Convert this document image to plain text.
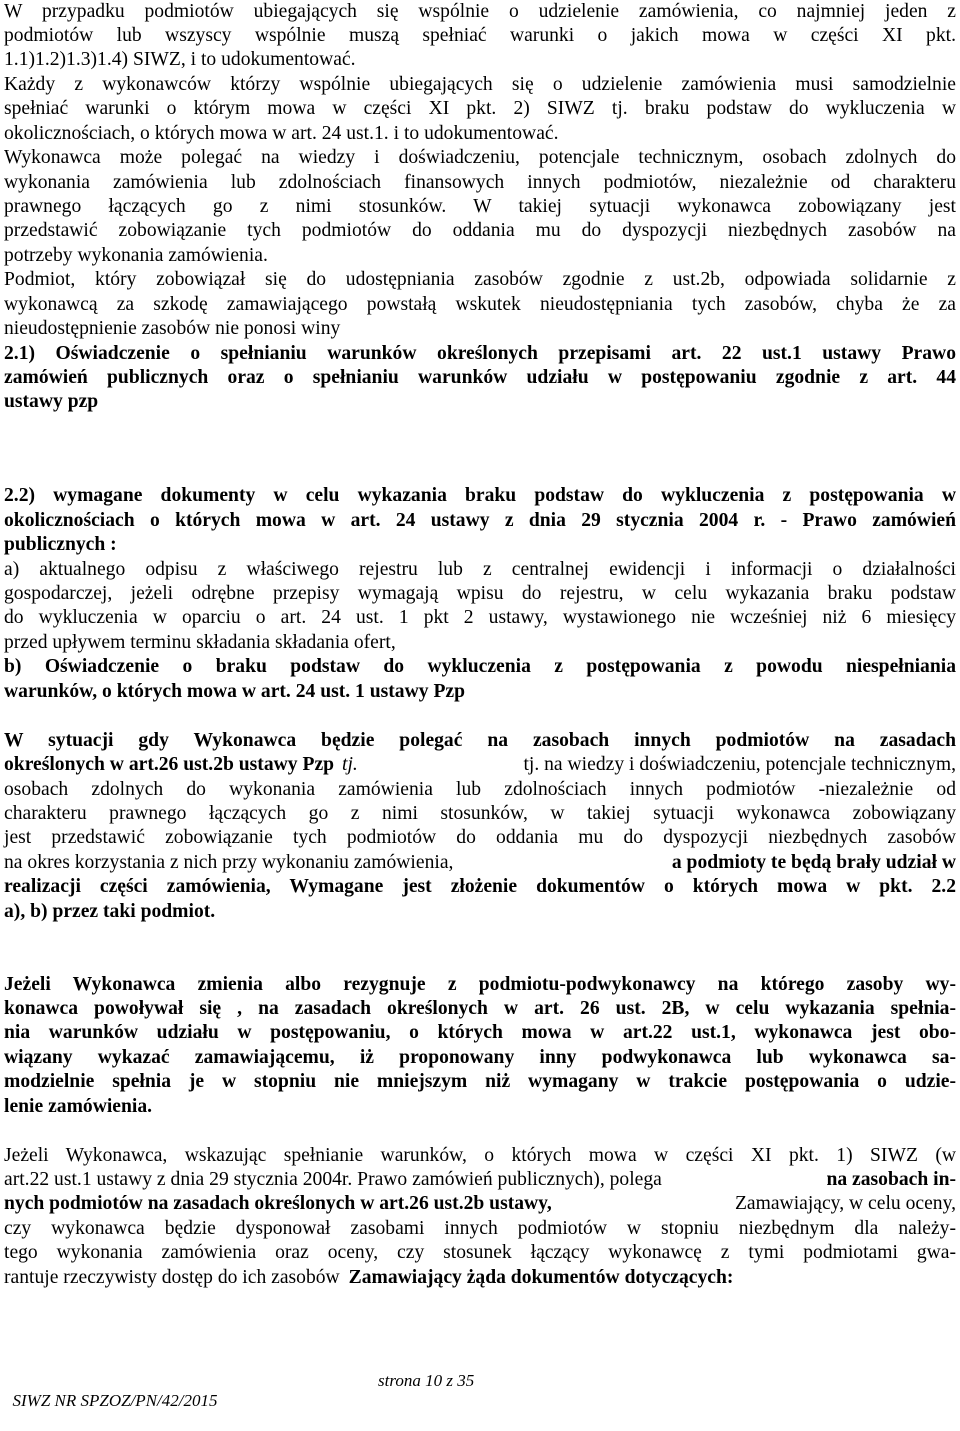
W przypadku podmiotów ubiegających się wspólnie o udzielenie zamówienia, co najmniej jeden z
podmiotów lub wszyscy wspólnie muszą spełniać warunki o jakich mowa w części XI pkt.
1.1)1.2)1.3)1.4) SIWZ, i to udokumentować.
Każdy z wykonawców którzy wspólnie ubiegających się o udzielenie zamówienia musi samodzielnie
spełniać warunki o którym mowa w części XI pkt. 2) SIWZ tj. braku podstaw do wykluczenia w
okolicznościach, o których mowa w art. 24 ust.1. i to udokumentować.
Wykonawca może polegać na wiedzy i doświadczeniu, potencjale technicznym, osobach zdolnych do
wykonania zamówienia lub zdolnościach finansowych innych podmiotów, niezależnie od charakteru
prawnego łączących go z nimi stosunków. W takiej sytuacji wykonawca zobowiązany jest
przedstawić zobowiązanie tych podmiotów do oddania mu do dyspozycji niezbędnych zasobów na
potrzeby wykonania zamówienia.
Podmiot, który zobowiązał się do udostępniania zasobów zgodnie z ust.2b, odpowiada solidarnie z
wykonawcą za szkodę zamawiającego powstałą wskutek nieudostępniania tych zasobów, chyba że za
nieudostępnienie zasobów nie ponosi winy
2.1) Oświadczenie o spełnianiu warunków określonych przepisami art. 22 ust.1 ustawy Prawo
zamówień publicznych oraz o spełnianiu warunków udziału w postępowaniu zgodnie z art. 44
ustawy pzp
2.2) wymagane dokumenty w celu wykazania braku podstaw do wykluczenia z postępowania w
okolicznościach o których mowa w art. 24 ustawy z dnia 29 stycznia 2004 r. - Prawo zamówień
publicznych :
a) aktualnego odpisu z właściwego rejestru lub z centralnej ewidencji i informacji o działalności
gospodarczej, jeżeli odrębne przepisy wymagają wpisu do rejestru, w celu wykazania braku podstaw
do wykluczenia w oparciu o art. 24 ust. 1 pkt 2 ustawy, wystawionego nie wcześniej niż 6 miesięcy
przed upływem terminu składania składania ofert,
b) Oświadczenie o braku podstaw do wykluczenia z postępowania z powodu niespełniania
warunków, o których mowa w art. 24 ust. 1 ustawy Pzp
W sytuacji gdy Wykonawca będzie polegać na zasobach innych podmiotów na zasadach
określonych w art.26 ust.2b ustawy Pzp tj.	tj. na wiedzy i doświadczeniu, potencjale technicznym,
osobach zdolnych do wykonania zamówienia lub zdolnościach innych podmiotów -niezależnie od
charakteru prawnego łączących go z nimi stosunków, w takiej sytuacji wykonawca zobowiązany
jest przedstawić zobowiązanie tych podmiotów do oddania mu do dyspozycji niezbędnych zasobów
na okres korzystania z nich przy wykonaniu zamówienia,	a podmioty te będą brały udział w
realizacji części zamówienia, Wymagane jest złożenie dokumentów o których mowa w pkt. 2.2
a), b) przez taki podmiot.
Jeżeli Wykonawca zmienia albo rezygnuje z podmiotu-podwykonawcy na którego zasoby wy-
konawca powoływał się , na zasadach określonych w art. 26 ust. 2B, w celu wykazania spełnia-
nia warunków udziału w postępowaniu, o których mowa w art.22 ust.1, wykonawca jest obo-
wiązany wykazać zamawiającemu, iż proponowany inny podwykonawca lub wykonawca sa-
modzielnie spełnia je w stopniu nie mniejszym niż wymagany w trakcie postępowania o udzie-
lenie zamówienia.
Jeżeli Wykonawca, wskazując spełnianie warunków, o których mowa w części XI pkt. 1) SIWZ (w
art.22 ust.1 ustawy z dnia 29 stycznia 2004r. Prawo zamówień publicznych), polega	na zasobach in-
nych podmiotów na zasadach określonych w art.26 ust.2b ustawy,	Zamawiający, w celu oceny,
czy wykonawca będzie dysponował zasobami innych podmiotów w stopniu niezbędnym dla należy-
tego wykonania zamówienia oraz oceny, czy stosunek łączący wykonawcę z tymi podmiotami gwa-
rantuje rzeczywisty dostęp do ich zasobów Zamawiający żąda dokumentów dotyczących:

SIWZ NR SPZOZ/PN/42/2015

strona 10 z 35
